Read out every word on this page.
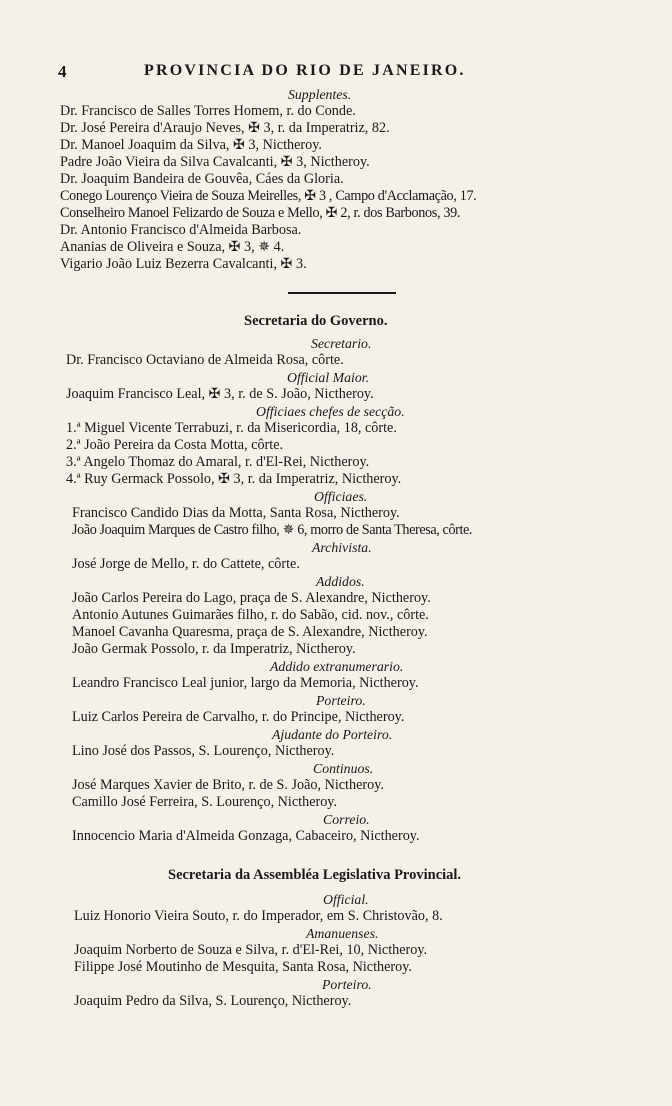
4	PROVINCIA DO RIO DE JANEIRO.
Supplentes.
Dr. Francisco de Salles Torres Homem, r. do Conde.
Dr. José Pereira d'Araujo Neves, ✠ 3, r. da Imperatriz, 82.
Dr. Manoel Joaquim da Silva, ✠ 3, Nictheroy.
Padre João Vieira da Silva Cavalcanti, ✠ 3, Nictheroy.
Dr. Joaquim Bandeira de Gouvêa, Cáes da Gloria.
Conego Lourenço Vieira de Souza Meirelles, ✠ 3 , Campo d'Acclamação, 17.
Conselheiro Manoel Felizardo de Souza e Mello, ✠ 2, r. dos Barbonos, 39.
Dr. Antonio Francisco d'Almeida Barbosa.
Ananias de Oliveira e Souza, ✠ 3, ✵ 4.
Vigario João Luiz Bezerra Cavalcanti, ✠ 3.
Secretaria do Governo.
Secretario.
Dr. Francisco Octaviano de Almeida Rosa, côrte.
Official Maior.
Joaquim Francisco Leal, ✠ 3, r. de S. João, Nictheroy.
Officiaes chefes de secção.
1.ª Miguel Vicente Terrabuzi, r. da Misericordia, 18, côrte.
2.ª João Pereira da Costa Motta, côrte.
3.ª Angelo Thomaz do Amaral, r. d'El-Rei, Nictheroy.
4.ª Ruy Germack Possolo, ✠ 3, r. da Imperatriz, Nictheroy.
Officiaes.
Francisco Candido Dias da Motta, Santa Rosa, Nictheroy.
João Joaquim Marques de Castro filho, ✵ 6, morro de Santa Theresa, côrte.
Archivista.
José Jorge de Mello, r. do Cattete, côrte.
Addidos.
João Carlos Pereira do Lago, praça de S. Alexandre, Nictheroy.
Antonio Autunes Guimarães filho, r. do Sabão, cid. nov., côrte.
Manoel Cavanha Quaresma, praça de S. Alexandre, Nictheroy.
João Germak Possolo, r. da Imperatriz, Nictheroy.
Addido extranumerario.
Leandro Francisco Leal junior, largo da Memoria, Nictheroy.
Porteiro.
Luiz Carlos Pereira de Carvalho, r. do Principe, Nictheroy.
Ajudante do Porteiro.
Lino José dos Passos, S. Lourenço, Nictheroy.
Continuos.
José Marques Xavier de Brito, r. de S. João, Nictheroy.
Camillo José Ferreira, S. Lourenço, Nictheroy.
Correio.
Innocencio Maria d'Almeida Gonzaga, Cabaceiro, Nictheroy.
Secretaria da Assembléa Legislativa Provincial.
Official.
Luiz Honorio Vieira Souto, r. do Imperador, em S. Christovão, 8.
Amanuenses.
Joaquim Norberto de Souza e Silva, r. d'El-Rei, 10, Nictheroy.
Filippe José Moutinho de Mesquita, Santa Rosa, Nictheroy.
Porteiro.
Joaquim Pedro da Silva, S. Lourenço, Nictheroy.
